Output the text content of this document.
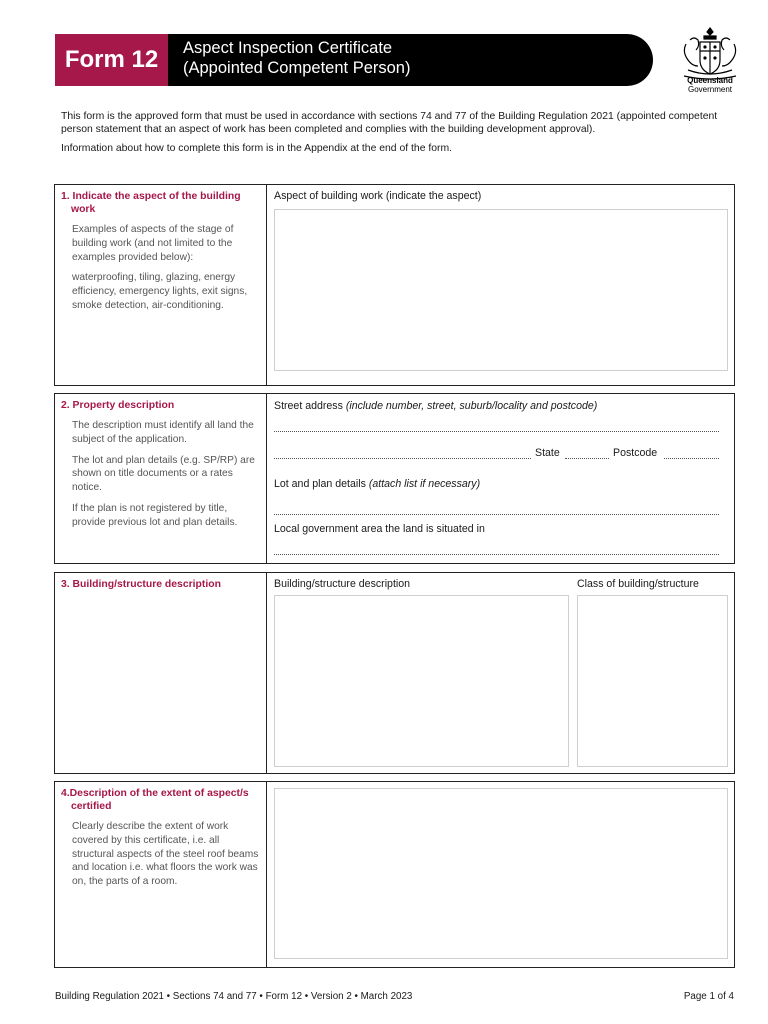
Form 12	Aspect Inspection Certificate
(Appointed Competent Person)
Queensland
Government

This form is the approved form that must be used in accordance with sections 74 and 77 of the Building Regulation 2021 (appointed competent person statement that an aspect of work has been completed and complies with the building development approval).

Information about how to complete this form is in the Appendix at the end of the form.

1. Indicate the aspect of the building work

Examples of aspects of the stage of building work (and not limited to the examples provided below):

waterproofing, tiling, glazing, energy efficiency, emergency lights, exit signs, smoke detection, air-conditioning.

Aspect of building work (indicate the aspect)
2. Property description

The description must identify all land the subject of the application.

The lot and plan details (e.g. SP/RP) are shown on title documents or a rates notice.

If the plan is not registered by title, provide previous lot and plan details.

Street address (include number, street, suburb/locality and postcode)
State	Postcode
Lot and plan details (attach list if necessary)
Local government area the land is situated in
3. Building/structure description	Building/structure description	Class of building/structure
4.Description of the extent of aspect/s certified

Clearly describe the extent of work covered by this certificate, i.e. all structural aspects of the steel roof beams and location i.e. what floors the work was on, the parts of a room.

Building Regulation 2021 • Sections 74 and 77 • Form 12 • Version 2 • March 2023	Page 1 of 4
